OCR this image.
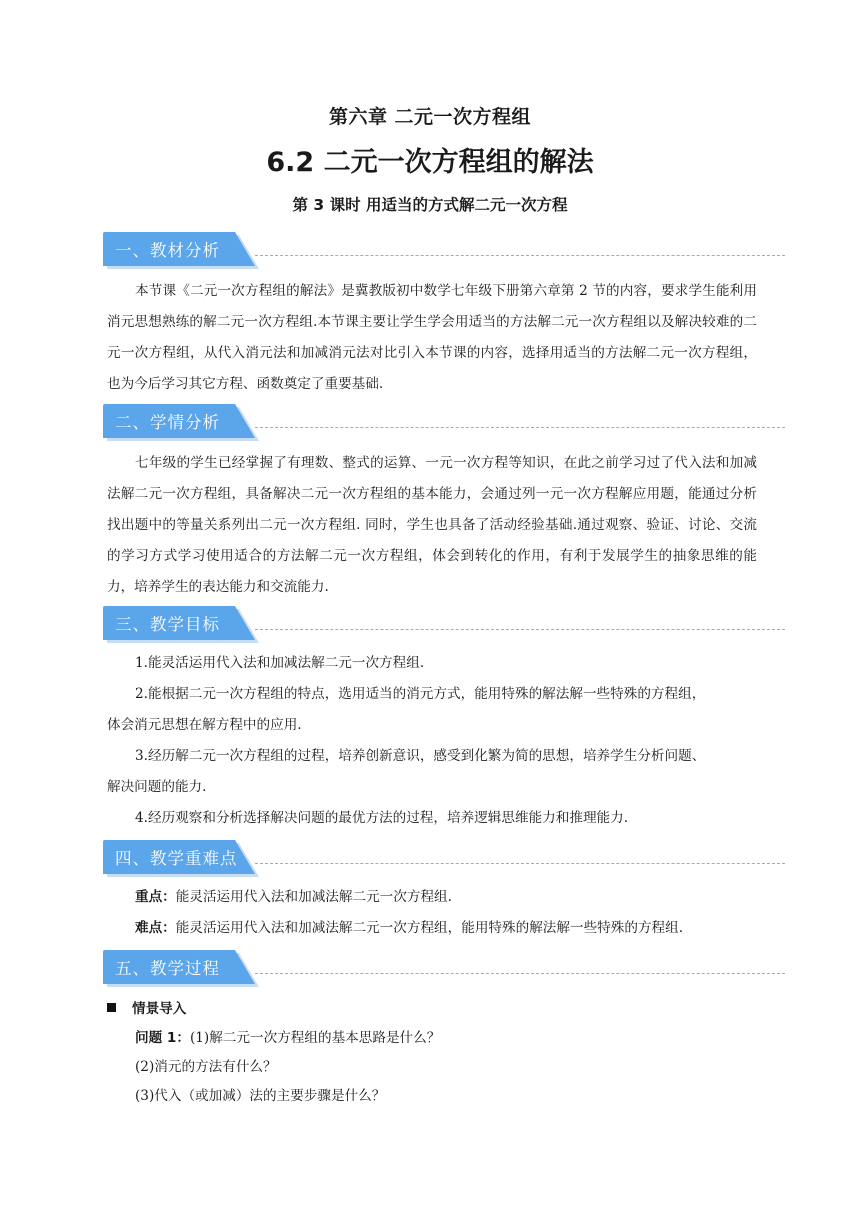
第六章 二元一次方程组
6.2 二元一次方程组的解法
第 3 课时 用适当的方式解二元一次方程
一、教材分析
本节课《二元一次方程组的解法》是冀教版初中数学七年级下册第六章第 2 节的内容，要求学生能利用消元思想熟练的解二元一次方程组.本节课主要让学生学会用适当的方法解二元一次方程组以及解决较难的二元一次方程组，从代入消元法和加减消元法对比引入本节课的内容，选择用适当的方法解二元一次方程组，也为今后学习其它方程、函数奠定了重要基础.
二、学情分析
七年级的学生已经掌握了有理数、整式的运算、一元一次方程等知识，在此之前学习过了代入法和加减法解二元一次方程组，具备解决二元一次方程组的基本能力，会通过列一元一次方程解应用题，能通过分析找出题中的等量关系列出二元一次方程组. 同时，学生也具备了活动经验基础.通过观察、验证、讨论、交流的学习方式学习使用适合的方法解二元一次方程组，体会到转化的作用，有利于发展学生的抽象思维的能力，培养学生的表达能力和交流能力.
三、教学目标
1.能灵活运用代入法和加减法解二元一次方程组.
2.能根据二元一次方程组的特点，选用适当的消元方式，能用特殊的解法解一些特殊的方程组，
体会消元思想在解方程中的应用.
3.经历解二元一次方程组的过程，培养创新意识，感受到化繁为简的思想，培养学生分析问题、
解决问题的能力.
4.经历观察和分析选择解决问题的最优方法的过程，培养逻辑思维能力和推理能力.
四、教学重难点
重点：能灵活运用代入法和加减法解二元一次方程组.
难点：能灵活运用代入法和加减法解二元一次方程组，能用特殊的解法解一些特殊的方程组.
五、教学过程
情景导入
问题 1：(1)解二元一次方程组的基本思路是什么？
(2)消元的方法有什么？
(3)代入（或加减）法的主要步骤是什么？
